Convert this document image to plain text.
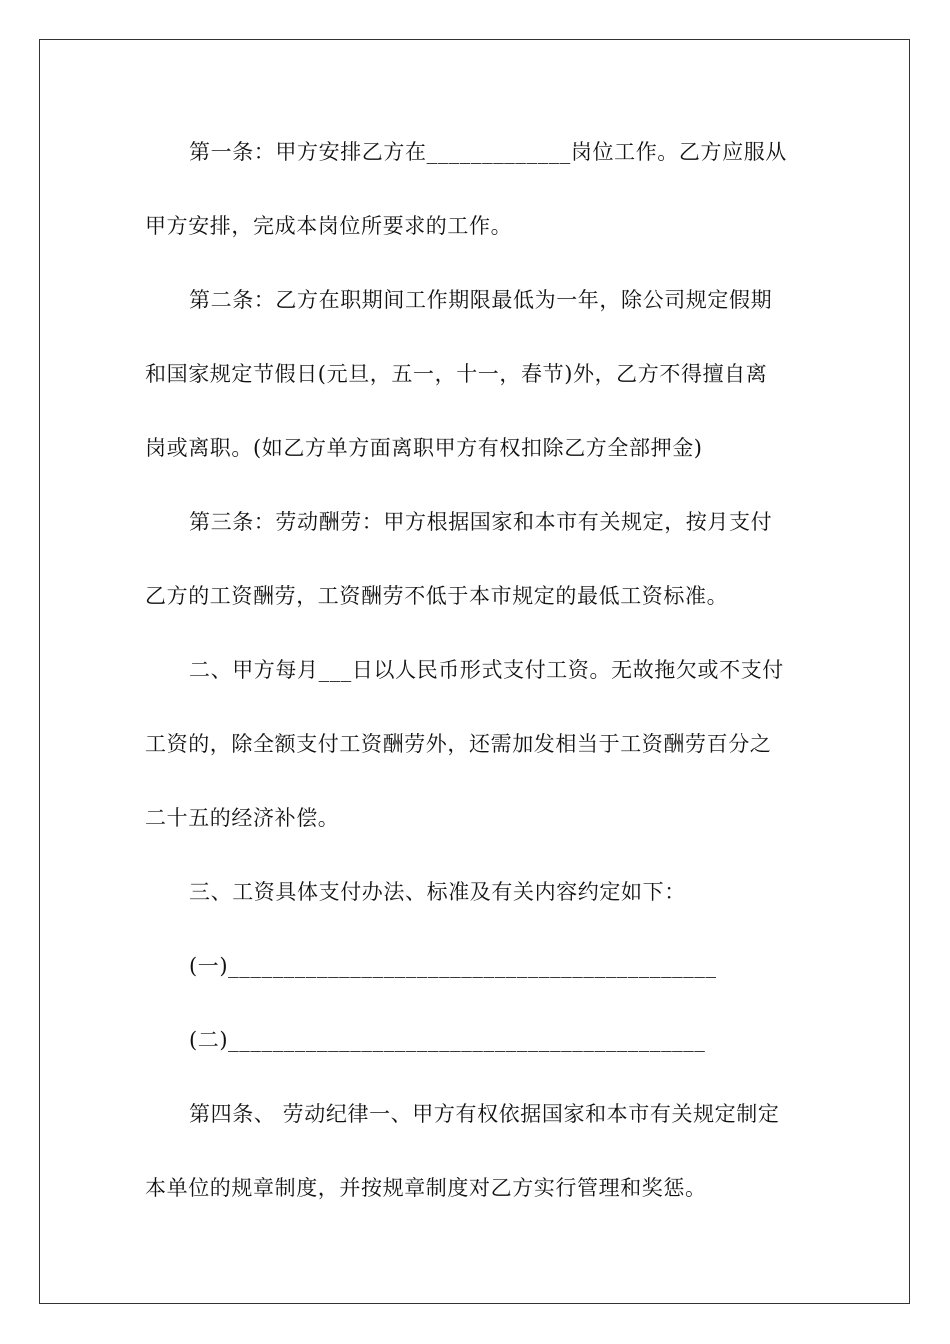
第一条：甲方安排乙方在_____________岗位工作。乙方应服从
甲方安排，完成本岗位所要求的工作。
第二条：乙方在职期间工作期限最低为一年，除公司规定假期
和国家规定节假日(元旦，五一，十一，春节)外，乙方不得擅自离
岗或离职。(如乙方单方面离职甲方有权扣除乙方全部押金)
第三条：劳动酬劳：甲方根据国家和本市有关规定，按月支付
乙方的工资酬劳，工资酬劳不低于本市规定的最低工资标准。
二、甲方每月___日以人民币形式支付工资。无故拖欠或不支付
工资的，除全额支付工资酬劳外，还需加发相当于工资酬劳百分之
二十五的经济补偿。
三、工资具体支付办法、标准及有关内容约定如下：
(一)____________________________________________
(二)___________________________________________
第四条、 劳动纪律一、甲方有权依据国家和本市有关规定制定
本单位的规章制度，并按规章制度对乙方实行管理和奖惩。
